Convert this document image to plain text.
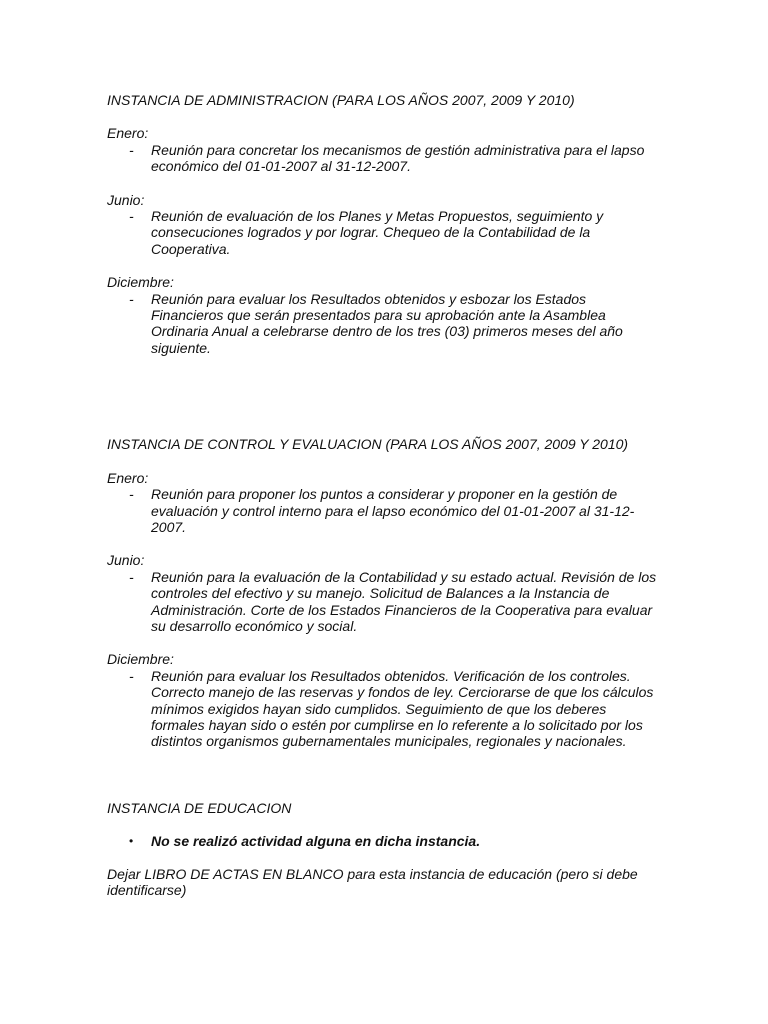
INSTANCIA DE ADMINISTRACION (PARA LOS AÑOS 2007, 2009 Y 2010)

Enero:

-	Reunión para concretar los mecanismos de gestión administrativa para el lapso económico del 01-01-2007 al 31-12-2007.

Junio:

-	Reunión de evaluación de los Planes y Metas Propuestos, seguimiento y consecuciones logrados y por lograr. Chequeo de la Contabilidad de la Cooperativa.

Diciembre:

-	Reunión para evaluar los Resultados obtenidos y esbozar los Estados Financieros que serán presentados para su aprobación ante la Asamblea Ordinaria Anual a celebrarse dentro de los tres (03) primeros meses del año siguiente.

INSTANCIA DE CONTROL Y EVALUACION (PARA LOS AÑOS 2007, 2009 Y 2010)

Enero:

-	Reunión para proponer los puntos a considerar y proponer en la gestión de evaluación y control interno para el lapso económico del 01-01-2007 al 31-12-2007.

Junio:

-	Reunión para la evaluación de la Contabilidad y su estado actual. Revisión de los controles del efectivo y su manejo. Solicitud de Balances a la Instancia de Administración. Corte de los Estados Financieros de la Cooperativa para evaluar su desarrollo económico y social.

Diciembre:

-	Reunión para evaluar los Resultados obtenidos. Verificación de los controles. Correcto manejo de las reservas y fondos de ley. Cerciorarse de que los cálculos mínimos exigidos hayan sido cumplidos. Seguimiento de que los deberes formales hayan sido o estén por cumplirse en lo referente a lo solicitado por los distintos organismos gubernamentales municipales, regionales y nacionales.

INSTANCIA DE EDUCACION

•	No se realizó actividad alguna en dicha instancia.

Dejar LIBRO DE ACTAS EN BLANCO para esta instancia de educación (pero si debe identificarse)
